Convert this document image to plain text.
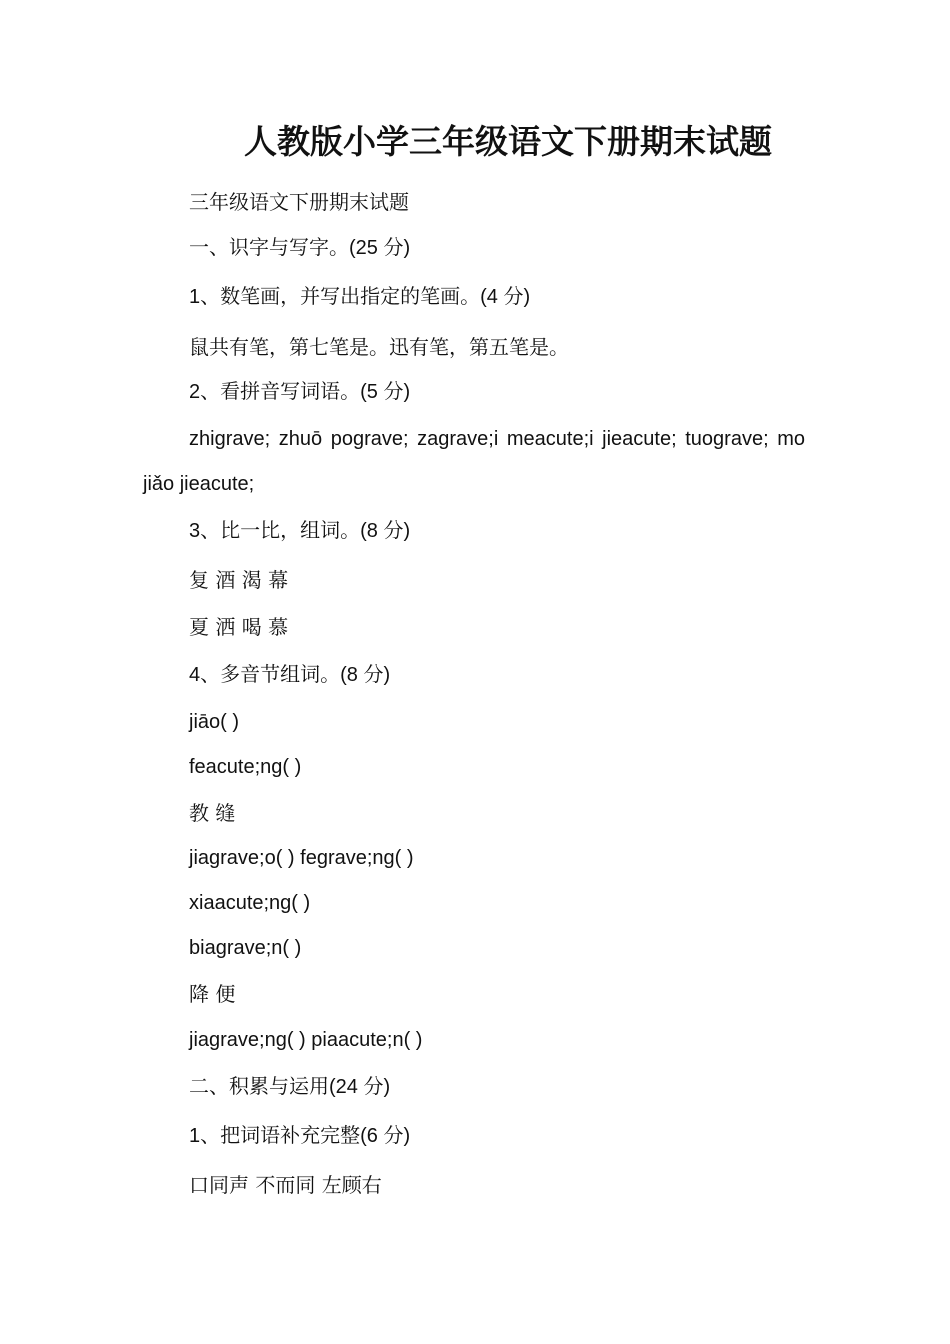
人教版小学三年级语文下册期末试题

三年级语文下册期末试题

一、识字与写字。(25 分)

1、数笔画，并写出指定的笔画。(4 分)

鼠共有笔，第七笔是。迅有笔，第五笔是。

2、看拼音写词语。(5 分)

zhigrave; zhuō pograve; zagrave;i meacute;i jieacute; tuograve; mo

jiǎo jieacute;

3、比一比，组词。(8 分)

复 酒 渴 幕

夏 洒 喝 慕

4、多音节组词。(8 分)

jiāo( )

feacute;ng( )

教 缝

jiagrave;o( ) fegrave;ng( )

xiaacute;ng( )

biagrave;n( )

降 便

jiagrave;ng( ) piaacute;n( )

二、积累与运用(24 分)

1、把词语补充完整(6 分)

口同声 不而同 左顾右
